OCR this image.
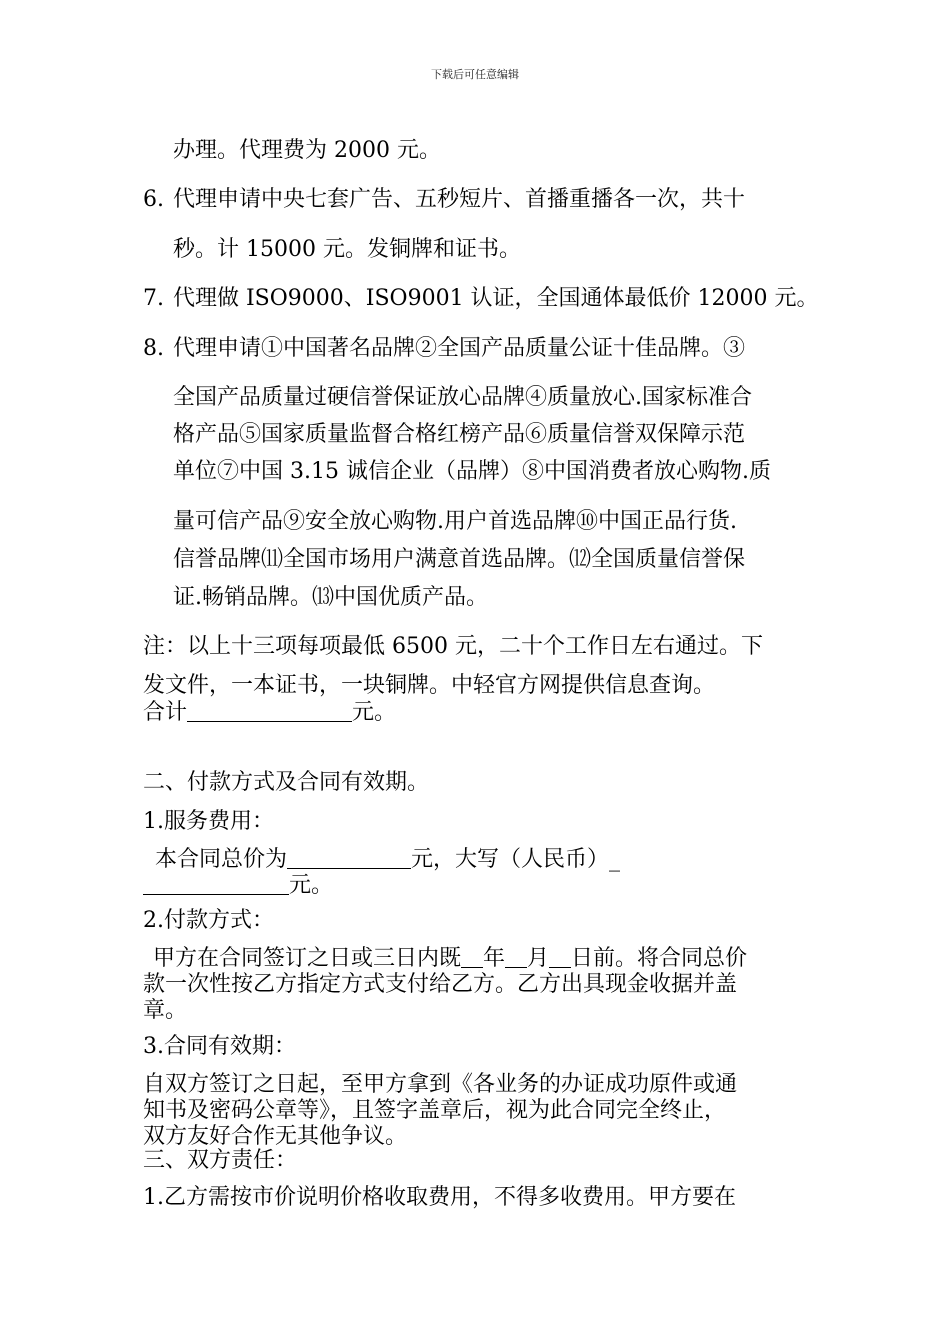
下载后可任意编辑
办理。代理费为 2000 元。
6. 代理申请中央七套广告、五秒短片、首播重播各一次，共十
秒。计 15000 元。发铜牌和证书。
7. 代理做 ISO9000、ISO9001 认证，全国通体最低价 12000 元。
8. 代理申请①中国著名品牌②全国产品质量公证十佳品牌。③
全国产品质量过硬信誉保证放心品牌④质量放心.国家标准合
格产品⑤国家质量监督合格红榜产品⑥质量信誉双保障示范
单位⑦中国 3.15 诚信企业（品牌）⑧中国消费者放心购物.质
量可信产品⑨安全放心购物.用户首选品牌⑩中国正品行货.
信誉品牌⑾全国市场用户满意首选品牌。⑿全国质量信誉保
证.畅销品牌。⒀中国优质产品。
注：以上十三项每项最低 6500 元，二十个工作日左右通过。下
发文件，一本证书，一块铜牌。中轻官方网提供信息查询。
合计	元。
二、付款方式及合同有效期。
1.服务费用：
本合同总价为	元，大写（人民币）_
元。
2.付款方式：
甲方在合同签订之日或三日内既 年 月 日前。将合同总价
款一次性按乙方指定方式支付给乙方。乙方出具现金收据并盖
章。
3.合同有效期：
自双方签订之日起，至甲方拿到《各业务的办证成功原件或通
知书及密码公章等》，且签字盖章后，视为此合同完全终止，
双方友好合作无其他争议。
三、双方责任：
1.乙方需按市价说明价格收取费用，不得多收费用。甲方要在
